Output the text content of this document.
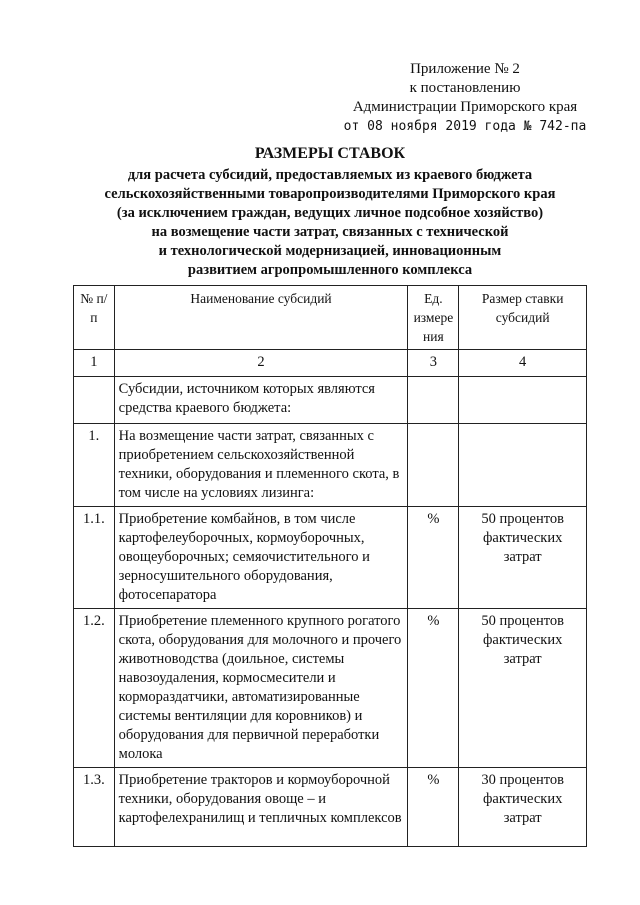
Приложение № 2
к постановлению
Администрации Приморского края
от 08 ноября 2019 года № 742-па
РАЗМЕРЫ СТАВОК
для расчета субсидий, предоставляемых из краевого бюджета
сельскохозяйственными товаропроизводителями Приморского края
(за исключением граждан, ведущих личное подсобное хозяйство)
на возмещение части затрат, связанных с технической
и технологической модернизацией, инновационным
развитием агропромышленного комплекса
№ п/п	Наименование субсидий	Ед. измере ния	Размер ставки субсидий
1	2	3	4
	Субсидии, источником которых являются средства краевого бюджета:		
1.	На возмещение части затрат, связанных с приобретением сельскохозяйственной техники, оборудования и племенного скота, в том числе на условиях лизинга:		
1.1.	Приобретение комбайнов, в том числе картофелеуборочных, кормоуборочных, овощеуборочных; семяочистительного и зерносушительного оборудования, фотосепаратора	%	50 процентов фактических затрат
1.2.	Приобретение племенного крупного рогатого скота, оборудования для молочного и прочего животноводства (доильное, системы навозоудаления, кормосмесители и кормораздатчики, автоматизированные системы вентиляции для коровников) и оборудования для первичной переработки молока	%	50 процентов фактических затрат
1.3.	Приобретение тракторов и кормоуборочной техники, оборудования овоще – и картофелехранилищ и тепличных комплексов	%	30 процентов фактических затрат
